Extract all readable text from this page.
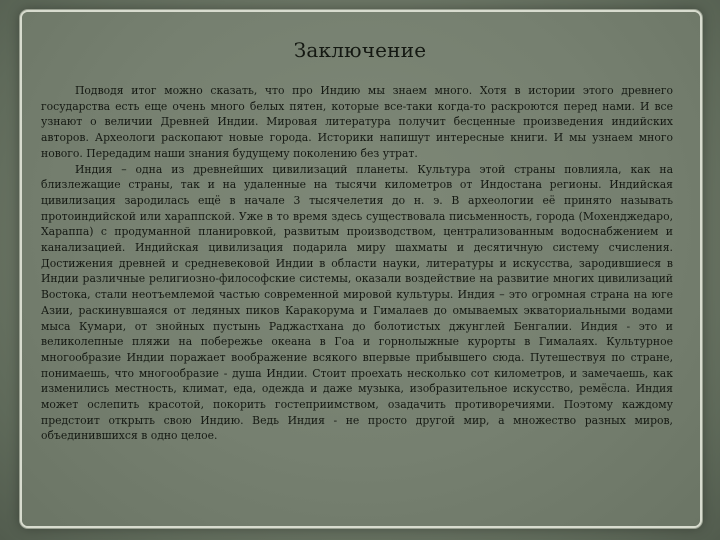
Заключение

Подводя итог можно сказать, что про Индию мы знаем много. Хотя в истории этого древнего государства есть еще очень много белых пятен, которые все-таки когда-то раскроются перед нами. И все узнают о величии Древней Индии. Мировая литература получит бесценные произведения индийских авторов. Археологи раскопают новые города. Историки напишут интересные книги. И мы узнаем много нового. Передадим наши знания будущему поколению без утрат.

Индия – одна из древнейших цивилизаций планеты. Культура этой страны повлияла, как на близлежащие страны, так и на удаленные на тысячи километров от Индостана регионы. Индийская цивилизация зародилась ещё в начале 3 тысячелетия до н. э. В археологии её принято называть протоиндийской или хараппской. Уже в то время здесь существовала письменность, города (Мохенджедаро, Хараппа) с продуманной планировкой, развитым производством, централизованным водоснабжением и канализацией. Индийская цивилизация подарила миру шахматы и десятичную систему счисления. Достижения древней и средневековой Индии в области науки, литературы и искусства, зародившиеся в Индии различные религиозно-философские системы, оказали воздействие на развитие многих цивилизаций Востока, стали неотъемлемой частью современной мировой культуры. Индия – это огромная страна на юге Азии, раскинувшаяся от ледяных пиков Каракорума и Гималаев до омываемых экваториальными водами мыса Кумари, от знойных пустынь Раджастхана до болотистых джунглей Бенгалии. Индия - это и великолепные пляжи на побережье океана в Гоа и горнолыжные курорты в Гималаях. Культурное многообразие Индии поражает воображение всякого впервые прибывшего сюда. Путешествуя по стране, понимаешь, что многообразие - душа Индии. Стоит проехать несколько сот километров, и замечаешь, как изменились местность, климат, еда, одежда и даже музыка, изобразительное искусство, ремёсла. Индия может ослепить красотой, покорить гостеприимством, озадачить противоречиями. Поэтому каждому предстоит открыть свою Индию. Ведь Индия - не просто другой мир, а множество разных миров, объединившихся в одно целое.
